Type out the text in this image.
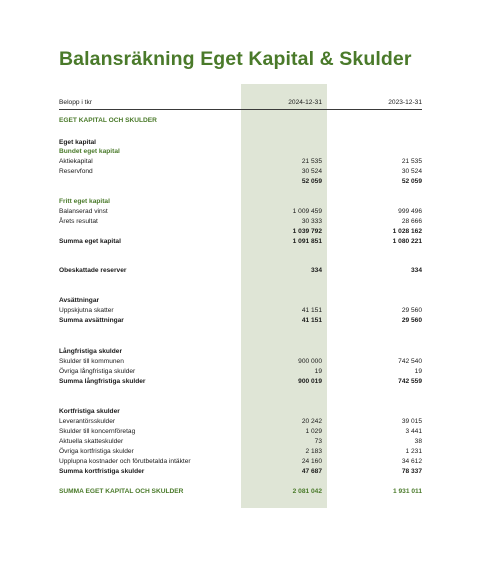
Balansräkning Eget Kapital & Skulder
Belopp i tkr	2024-12-31	2023-12-31
EGET KAPITAL OCH SKULDER
Eget kapital
Bundet eget kapital
Aktiekapital	21 535	21 535
Reservfond	30 524	30 524
52 059	52 059
Fritt eget kapital
Balanserad vinst	1 009 459	999 496
Årets resultat	30 333	28 666
1 039 792	1 028 162
Summa eget kapital	1 091 851	1 080 221
Obeskattade reserver	334	334
Avsättningar
Uppskjutna skatter	41 151	29 560
Summa avsättningar	41 151	29 560
Långfristiga skulder
Skulder till kommunen	900 000	742 540
Övriga långfristiga skulder	19	19
Summa långfristiga skulder	900 019	742 559
Kortfristiga skulder
Leverantörsskulder	20 242	39 015
Skulder till koncernföretag	1 029	3 441
Aktuella skatteskulder	73	38
Övriga kortfristiga skulder	2 183	1 231
Upplupna kostnader och förutbetalda intäkter	24 160	34 612
Summa kortfristiga skulder	47 687	78 337
SUMMA EGET KAPITAL OCH SKULDER	2 081 042	1 931 011
